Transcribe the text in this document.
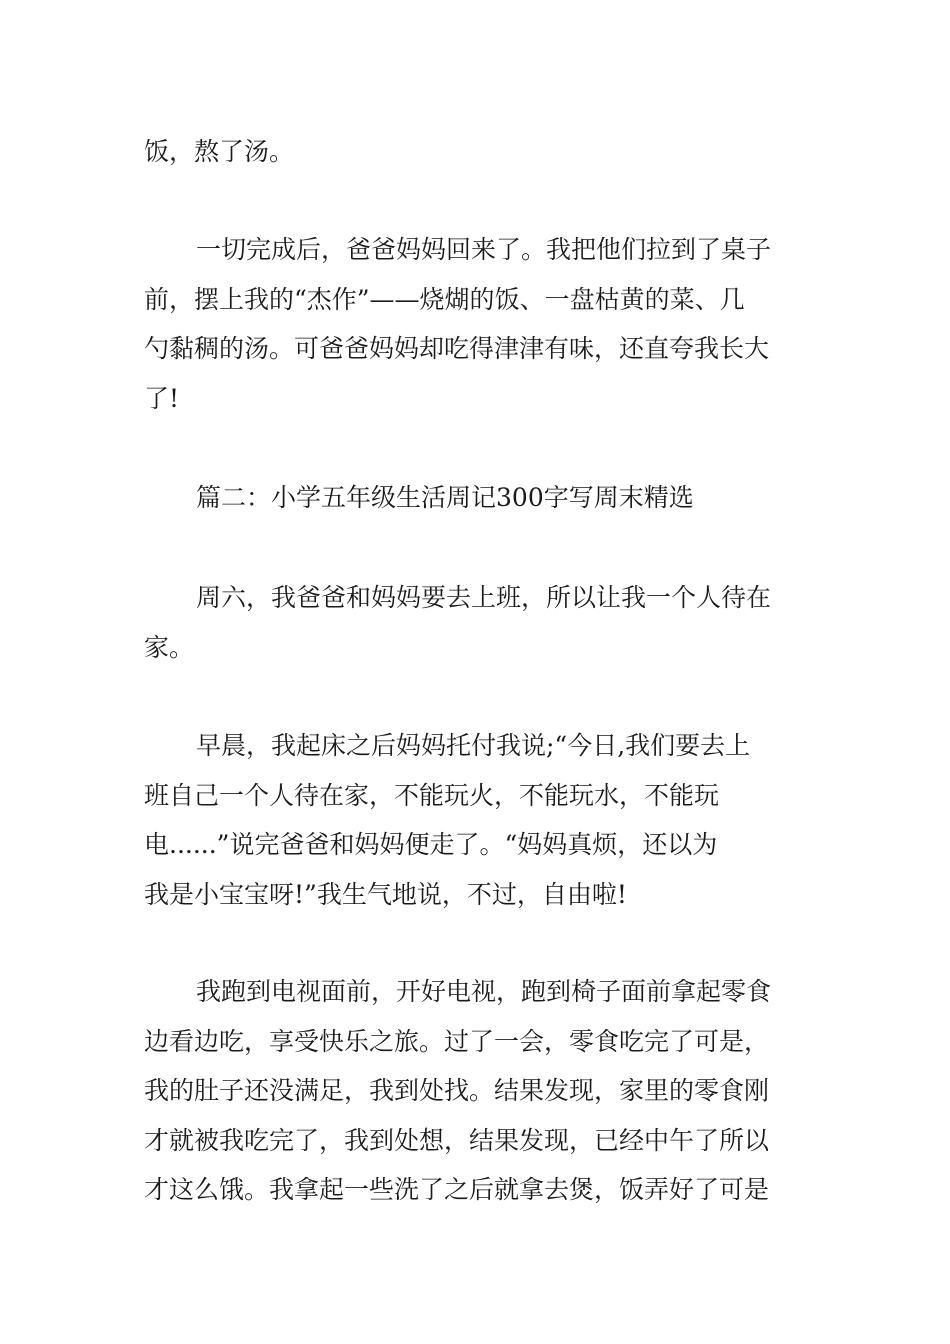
饭，熬了汤。
一切完成后，爸爸妈妈回来了。我把他们拉到了桌子
前，摆上我的“杰作”——烧煳的饭、一盘枯黄的菜、几
勺黏稠的汤。可爸爸妈妈却吃得津津有味，还直夸我长大
了!
篇二：小学五年级生活周记300字写周末精选
周六，我爸爸和妈妈要去上班，所以让我一个人待在
家。
早晨，我起床之后妈妈托付我说;“今日,我们要去上
班自己一个人待在家，不能玩火，不能玩水，不能玩
电......”说完爸爸和妈妈便走了。“妈妈真烦，还以为
我是小宝宝呀!”我生气地说，不过，自由啦!
我跑到电视面前，开好电视，跑到椅子面前拿起零食
边看边吃，享受快乐之旅。过了一会，零食吃完了可是，
我的肚子还没满足，我到处找。结果发现，家里的零食刚
才就被我吃完了，我到处想，结果发现，已经中午了所以
才这么饿。我拿起一些洗了之后就拿去煲，饭弄好了可是
